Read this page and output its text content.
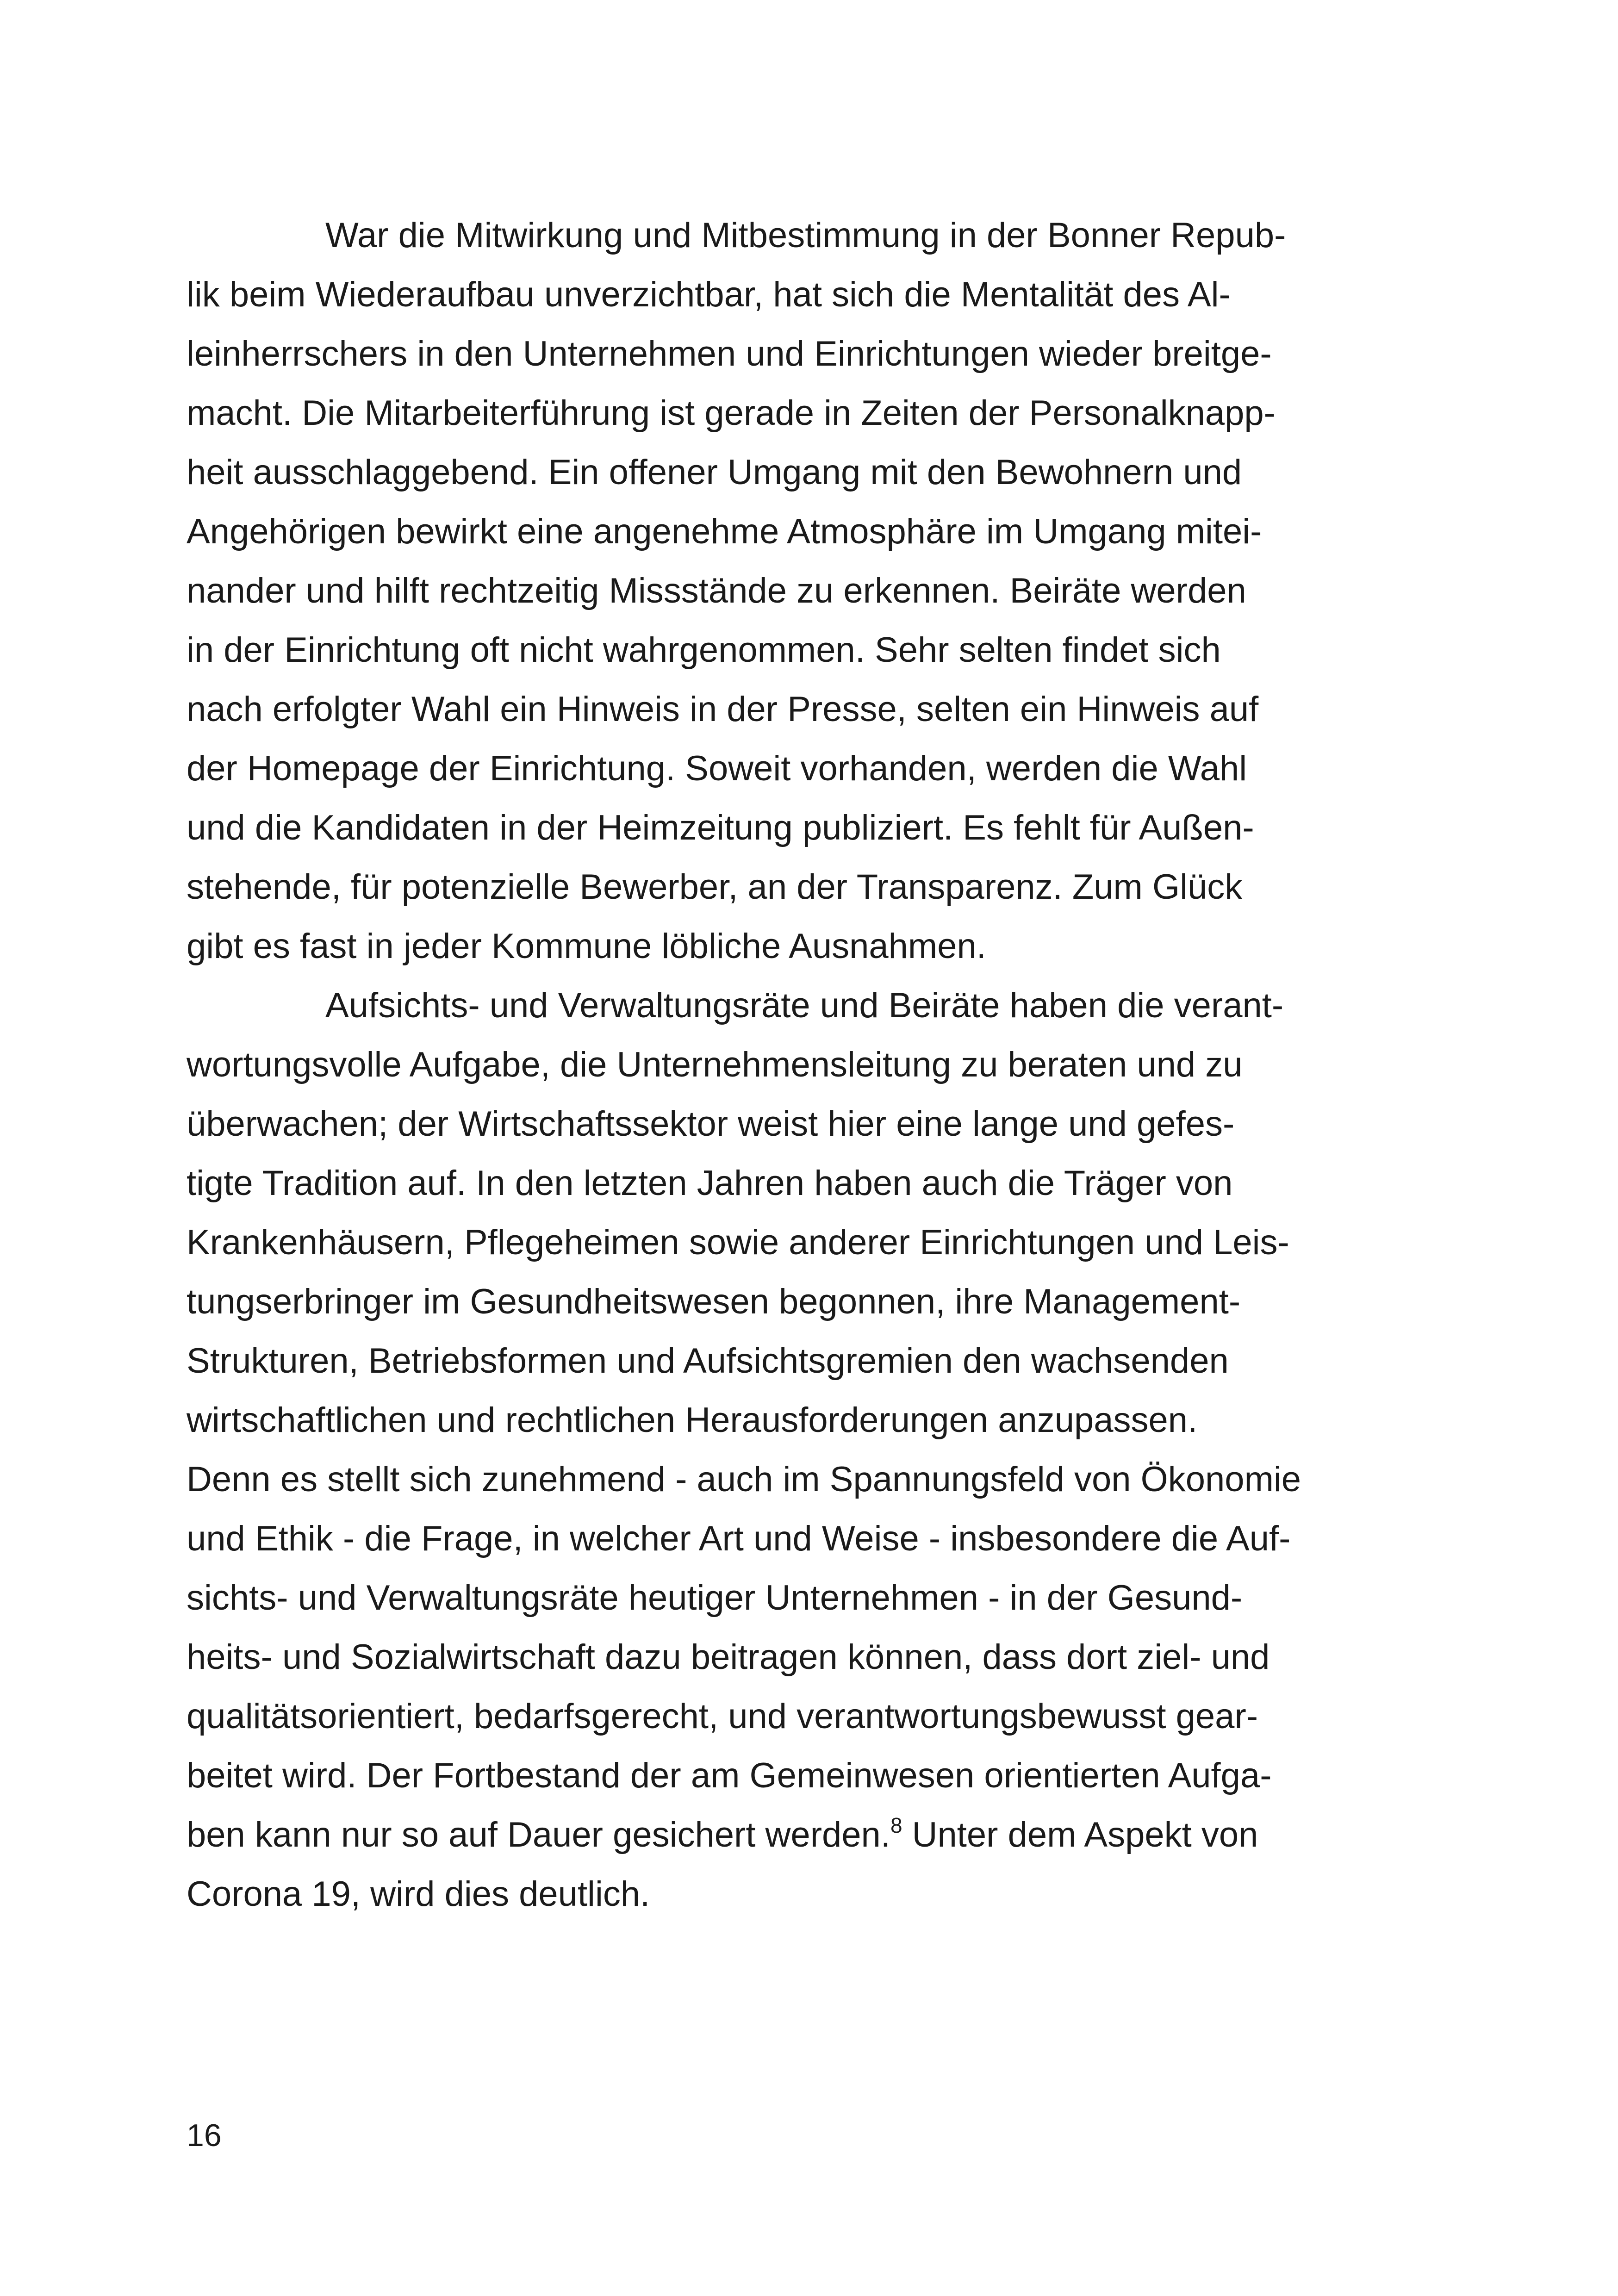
War die Mitwirkung und Mitbestimmung in der Bonner Repub-
lik beim Wiederaufbau unverzichtbar, hat sich die Mentalität des Al-
leinherrschers in den Unternehmen und Einrichtungen wieder breitge-
macht. Die Mitarbeiterführung ist gerade in Zeiten der Personalknapp-
heit ausschlaggebend. Ein offener Umgang mit den Bewohnern und
Angehörigen bewirkt eine angenehme Atmosphäre im Umgang mitei-
nander und hilft rechtzeitig Missstände zu erkennen. Beiräte werden
in der Einrichtung oft nicht wahrgenommen. Sehr selten findet sich
nach erfolgter Wahl ein Hinweis in der Presse, selten ein Hinweis auf
der Homepage der Einrichtung. Soweit vorhanden, werden die Wahl
und die Kandidaten in der Heimzeitung publiziert. Es fehlt für Außen-
stehende, für potenzielle Bewerber, an der Transparenz. Zum Glück
gibt es fast in jeder Kommune löbliche Ausnahmen.
Aufsichts- und Verwaltungsräte und Beiräte haben die verant-
wortungsvolle Aufgabe, die Unternehmensleitung zu beraten und zu
überwachen; der Wirtschaftssektor weist hier eine lange und gefes-
tigte Tradition auf. In den letzten Jahren haben auch die Träger von
Krankenhäusern, Pflegeheimen sowie anderer Einrichtungen und Leis-
tungserbringer im Gesundheitswesen begonnen, ihre Management-
Strukturen, Betriebsformen und Aufsichtsgremien den wachsenden
wirtschaftlichen und rechtlichen Herausforderungen anzupassen.
Denn es stellt sich zunehmend - auch im Spannungsfeld von Ökonomie
und Ethik - die Frage, in welcher Art und Weise - insbesondere die Auf-
sichts- und Verwaltungsräte heutiger Unternehmen - in der Gesund-
heits- und Sozialwirtschaft dazu beitragen können, dass dort ziel- und
qualitätsorientiert, bedarfsgerecht, und verantwortungsbewusst gear-
beitet wird. Der Fortbestand der am Gemeinwesen orientierten Aufga-
ben kann nur so auf Dauer gesichert werden.$^8$ Unter dem Aspekt von
Corona 19, wird dies deutlich.
16
